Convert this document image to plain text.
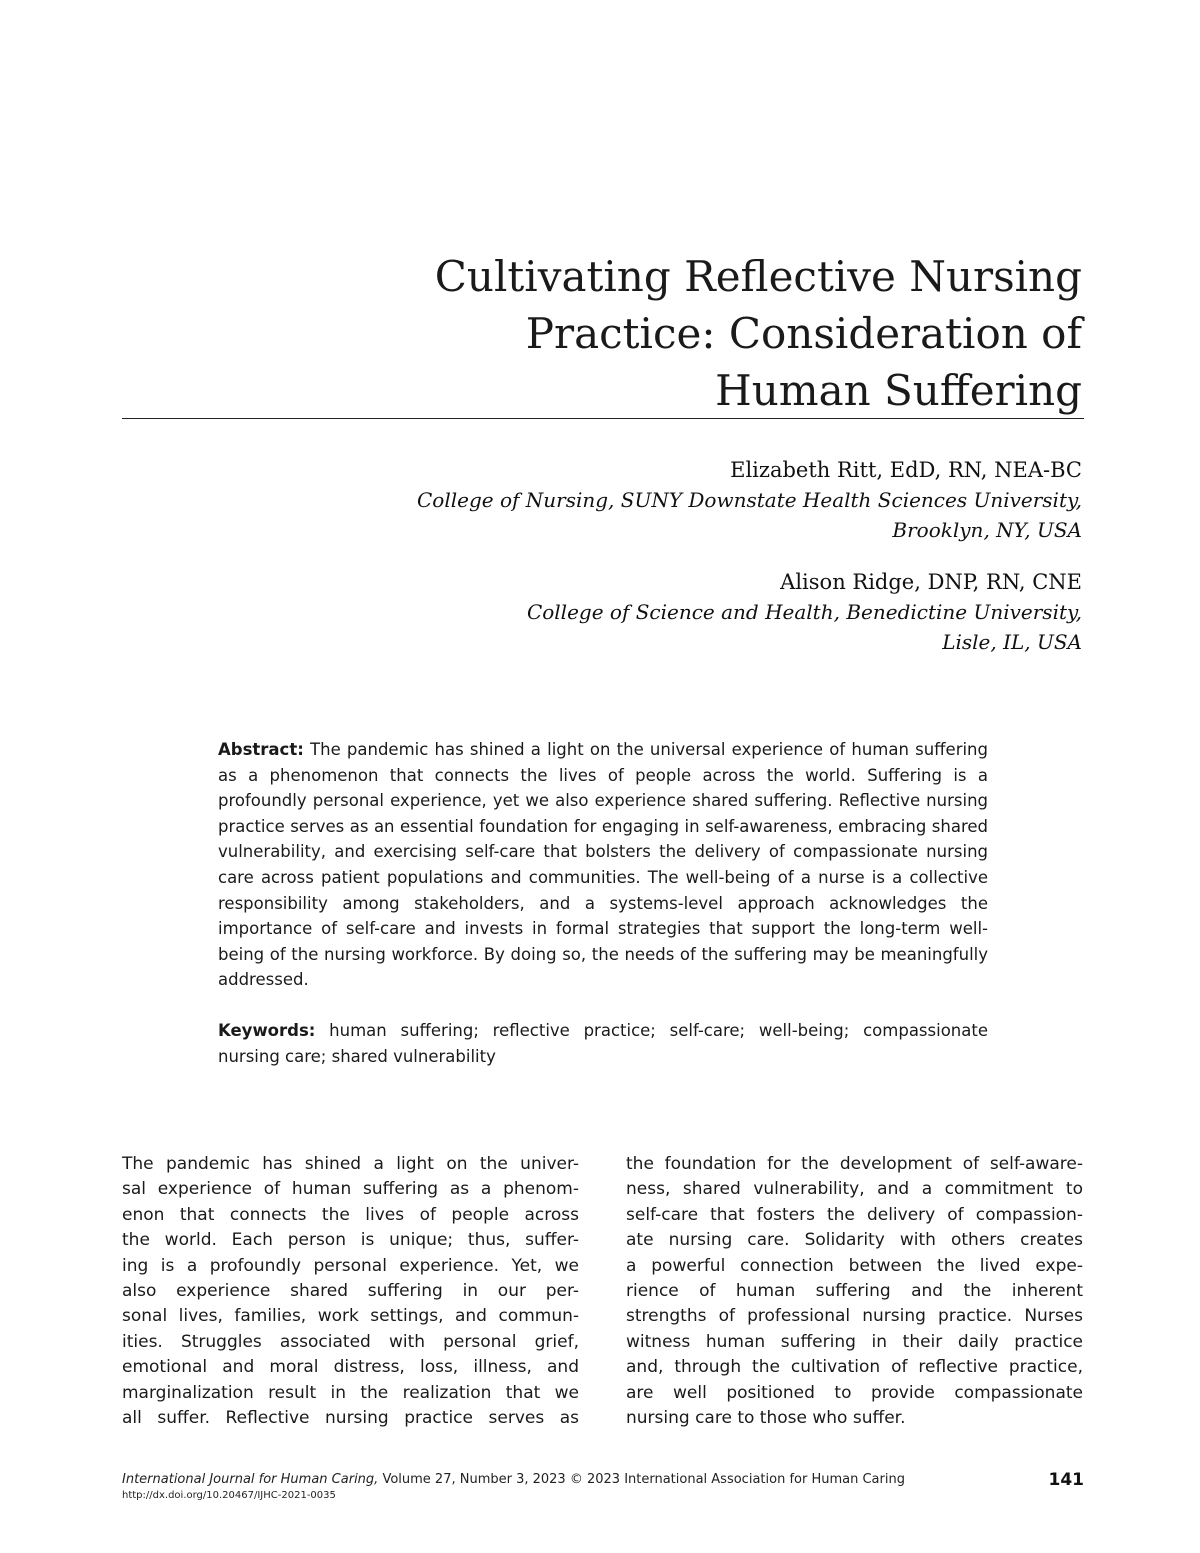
Cultivating Reflective Nursing
Practice: Consideration of
Human Suffering
Elizabeth Ritt, EdD, RN, NEA-BC
College of Nursing, SUNY Downstate Health Sciences University,
Brooklyn, NY, USA
Alison Ridge, DNP, RN, CNE
College of Science and Health, Benedictine University,
Lisle, IL, USA

Abstract: The pandemic has shined a light on the universal experience of human suffering as a phenomenon that connects the lives of people across the world. Suffering is a profoundly personal experience, yet we also experience shared suffering. Reflective nursing practice serves as an essential foundation for engaging in self-awareness, embracing shared vulnerability, and exercising self-care that bolsters the delivery of compassionate nursing care across patient populations and communities. The well-being of a nurse is a collective responsibility among stakeholders, and a systems-level approach acknowledges the importance of self-care and invests in formal strategies that support the long-term well-being of the nursing workforce. By doing so, the needs of the suffering may be meaningfully addressed.

Keywords: human suffering; reflective practice; self-care; well-being; compassionate nursing care; shared vulnerability

The pandemic has shined a light on the univer-
sal experience of human suffering as a phenom-
enon that connects the lives of people across
the world. Each person is unique; thus, suffer-
ing is a profoundly personal experience. Yet, we
also experience shared suffering in our per-
sonal lives, families, work settings, and commun-
ities. Struggles associated with personal grief,
emotional and moral distress, loss, illness, and
marginalization result in the realization that we
all suffer. Reflective nursing practice serves as
the foundation for the development of self-aware-
ness, shared vulnerability, and a commitment to
self-care that fosters the delivery of compassion-
ate nursing care. Solidarity with others creates
a powerful connection between the lived expe-
rience of human suffering and the inherent
strengths of professional nursing practice. Nurses
witness human suffering in their daily practice
and, through the cultivation of reflective practice,
are well positioned to provide compassionate
nursing care to those who suffer.
International Journal for Human Caring, Volume 27, Number 3, 2023 © 2023 International Association for Human Caring
http://dx.doi.org/10.20467/IJHC-2021-0035
141
